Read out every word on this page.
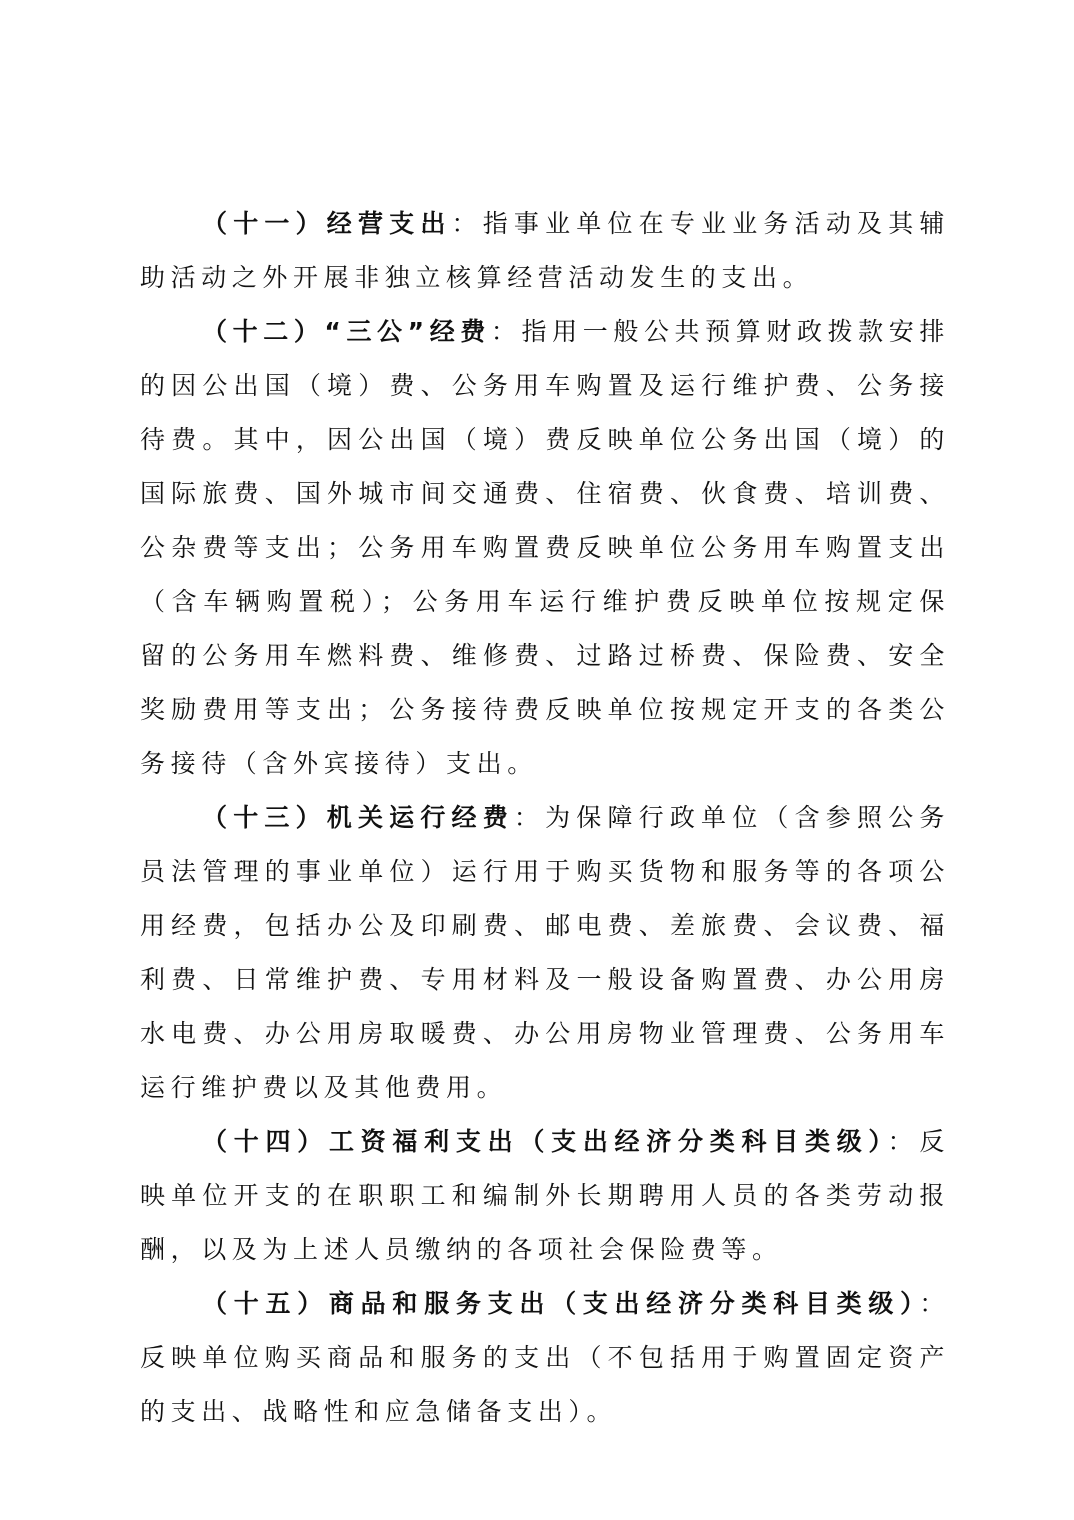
（十一）经营支出：指事业单位在专业业务活动及其辅助活动之外开展非独立核算经营活动发生的支出。

（十二）“三公”经费：指用一般公共预算财政拨款安排的因公出国（境）费、公务用车购置及运行维护费、公务接待费。其中，因公出国（境）费反映单位公务出国（境）的国际旅费、国外城市间交通费、住宿费、伙食费、培训费、公杂费等支出；公务用车购置费反映单位公务用车购置支出（含车辆购置税）；公务用车运行维护费反映单位按规定保留的公务用车燃料费、维修费、过路过桥费、保险费、安全奖励费用等支出；公务接待费反映单位按规定开支的各类公务接待（含外宾接待）支出。

（十三）机关运行经费：为保障行政单位（含参照公务员法管理的事业单位）运行用于购买货物和服务等的各项公用经费，包括办公及印刷费、邮电费、差旅费、会议费、福利费、日常维护费、专用材料及一般设备购置费、办公用房水电费、办公用房取暖费、办公用房物业管理费、公务用车运行维护费以及其他费用。

（十四）工资福利支出（支出经济分类科目类级）：反映单位开支的在职职工和编制外长期聘用人员的各类劳动报酬，以及为上述人员缴纳的各项社会保险费等。

（十五）商品和服务支出（支出经济分类科目类级）：反映单位购买商品和服务的支出（不包括用于购置固定资产的支出、战略性和应急储备支出）。
